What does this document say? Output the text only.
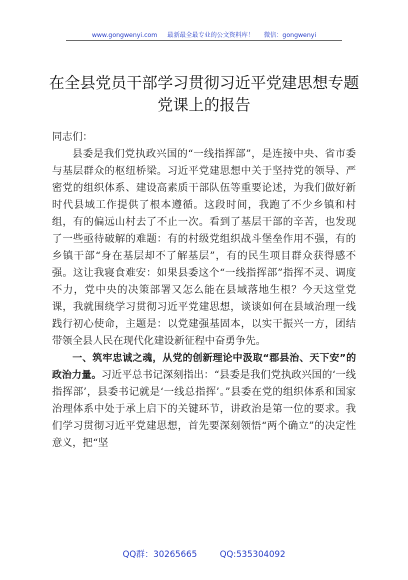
www.gongwenyi.com 最新最全最专业的公文资料库！ 微信：gongwenyi
在全县党员干部学习贯彻习近平党建思想专题
党课上的报告

同志们：

县委是我们党执政兴国的“一线指挥部”，是连接中央、省市委与基层群众的枢纽桥梁。习近平党建思想中关于坚持党的领导、严密党的组织体系、建设高素质干部队伍等重要论述，为我们做好新时代县域工作提供了根本遵循。这段时间，我跑了不少乡镇和村组，有的偏远山村去了不止一次。看到了基层干部的辛苦，也发现了一些亟待破解的难题：有的村级党组织战斗堡垒作用不强，有的乡镇干部“身在基层却不了解基层”，有的民生项目群众获得感不强。这让我寝食难安：如果县委这个“一线指挥部”指挥不灵、调度不力，党中央的决策部署又怎么能在县域落地生根？今天这堂党课，我就围绕学习贯彻习近平党建思想，谈谈如何在县域治理一线践行初心使命，主题是：以党建强基固本，以实干振兴一方，团结带领全县人民在现代化建设新征程中奋勇争先。

一、筑牢忠诚之魂，从党的创新理论中汲取“郡县治、天下安”的政治力量。习近平总书记深刻指出：“县委是我们党执政兴国的‘一线指挥部’，县委书记就是‘一线总指挥’。”县委在党的组织体系和国家治理体系中处于承上启下的关键环节，讲政治是第一位的要求。我们学习贯彻习近平党建思想，首先要深刻领悟“两个确立”的决定性意义，把“坚

QQ群：30265665	QQ:535304092
